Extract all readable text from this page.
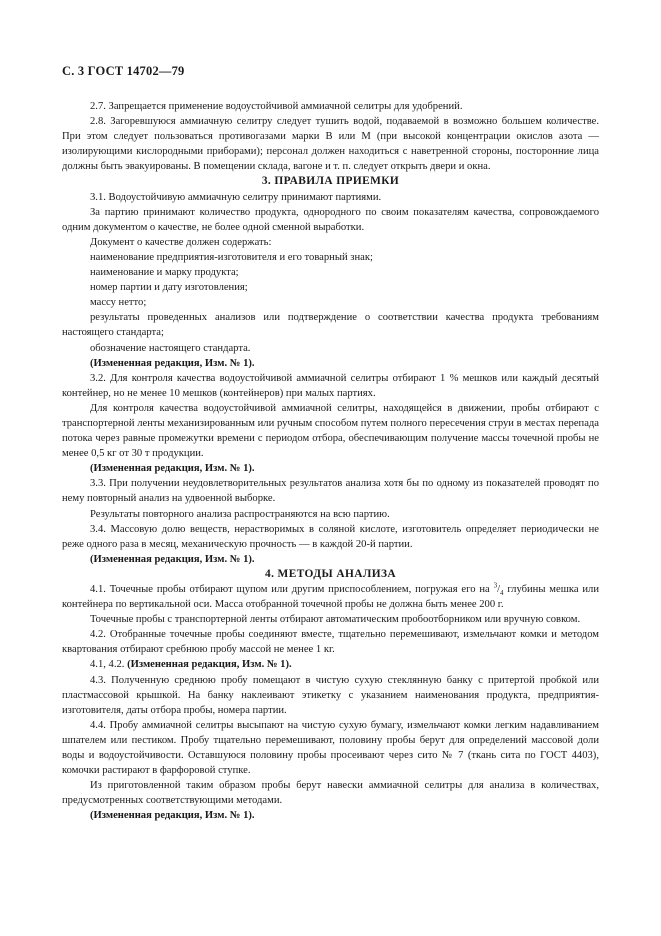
С. 3 ГОСТ 14702—79

2.7. Запрещается применение водоустойчивой аммиачной селитры для удобрений.

2.8. Загоревшуюся аммиачную селитру следует тушить водой, подаваемой в возможно большем количестве. При этом следует пользоваться противогазами марки В или М (при высокой концентрации окислов азота — изолирующими кислородными приборами); персонал должен находиться с наветренной стороны, посторонние лица должны быть эвакуированы. В помещении склада, вагоне и т. п. следует открыть двери и окна.

3. ПРАВИЛА ПРИЕМКИ

3.1. Водоустойчивую аммиачную селитру принимают партиями.

За партию принимают количество продукта, однородного по своим показателям качества, сопровождаемого одним документом о качестве, не более одной сменной выработки.

Документ о качестве должен содержать:

наименование предприятия-изготовителя и его товарный знак;

наименование и марку продукта;

номер партии и дату изготовления;

массу нетто;

результаты проведенных анализов или подтверждение о соответствии качества продукта требованиям настоящего стандарта;

обозначение настоящего стандарта.

(Измененная редакция, Изм. № 1).

3.2. Для контроля качества водоустойчивой аммиачной селитры отбирают 1 % мешков или каждый десятый контейнер, но не менее 10 мешков (контейнеров) при малых партиях.

Для контроля качества водоустойчивой аммиачной селитры, находящейся в движении, пробы отбирают с транспортерной ленты механизированным или ручным способом путем полного пересечения струи в местах перепада потока через равные промежутки времени с периодом отбора, обеспечивающим получение массы точечной пробы не менее 0,5 кг от 30 т продукции.

(Измененная редакция, Изм. № 1).

3.3. При получении неудовлетворительных результатов анализа хотя бы по одному из показателей проводят по нему повторный анализ на удвоенной выборке.

Результаты повторного анализа распространяются на всю партию.

3.4. Массовую долю веществ, нерастворимых в соляной кислоте, изготовитель определяет периодически не реже одного раза в месяц, механическую прочность — в каждой 20-й партии.

(Измененная редакция, Изм. № 1).

4. МЕТОДЫ АНАЛИЗА

4.1. Точечные пробы отбирают щупом или другим приспособлением, погружая его на $^3/_4$ глубины мешка или контейнера по вертикальной оси. Масса отобранной точечной пробы не должна быть менее 200 г.

Точечные пробы с транспортерной ленты отбирают автоматическим пробоотборником или вручную совком.

4.2. Отобранные точечные пробы соединяют вместе, тщательно перемешивают, измельчают комки и методом квартования отбирают сребнюю пробу массой не менее 1 кг.

4.1, 4.2. (Измененная редакция, Изм. № 1).

4.3. Полученную среднюю пробу помещают в чистую сухую стеклянную банку с притертой пробкой или пластмассовой крышкой. На банку наклеивают этикетку с указанием наименования продукта, предприятия-изготовителя, даты отбора пробы, номера партии.

4.4. Пробу аммиачной селитры высыпают на чистую сухую бумагу, измельчают комки легким надавливанием шпателем или пестиком. Пробу тщательно перемешивают, половину пробы берут для определений массовой доли воды и водоустойчивости. Оставшуюся половину пробы просеивают через сито № 7 (ткань сита по ГОСТ 4403), комочки растирают в фарфоровой ступке.

Из приготовленной таким образом пробы берут навески аммиачной селитры для анализа в количествах, предусмотренных соответствующими методами.

(Измененная редакция, Изм. № 1).
